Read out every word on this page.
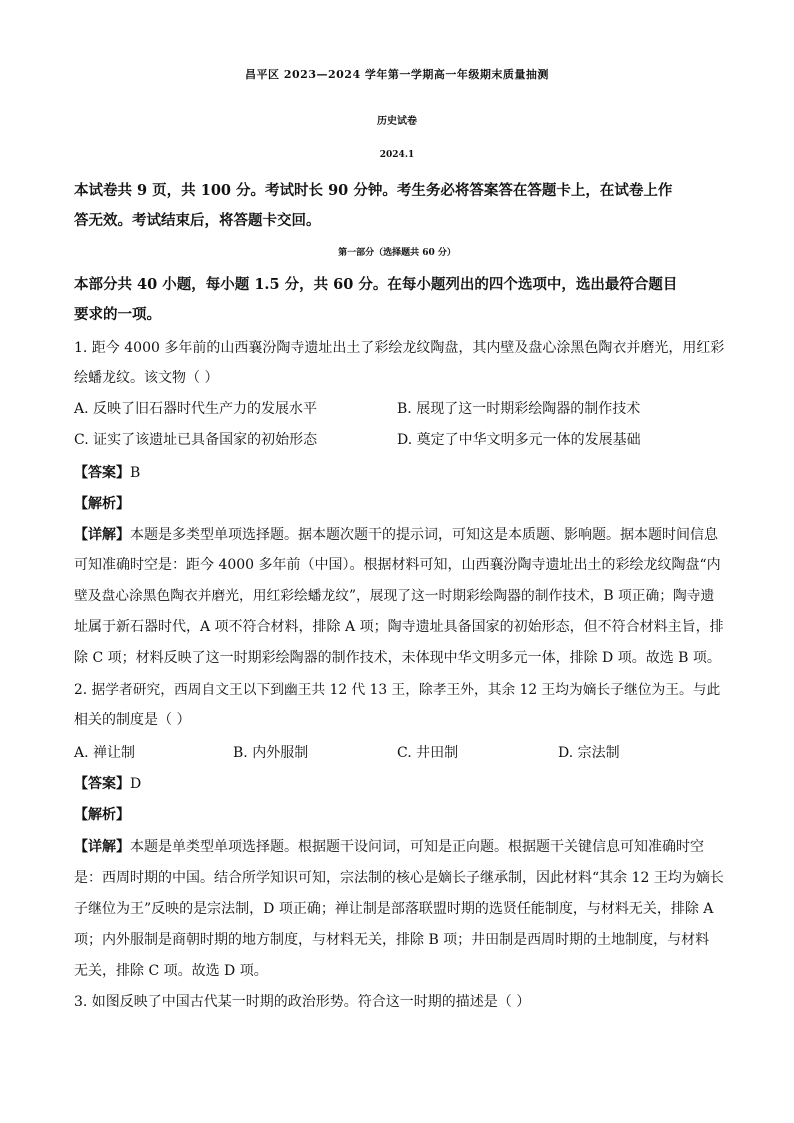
昌平区 2023—2024 学年第一学期高一年级期末质量抽测
历史试卷
2024.1
本试卷共 9 页，共 100 分。考试时长 90 分钟。考生务必将答案答在答题卡上，在试卷上作
答无效。考试结束后，将答题卡交回。
第一部分（选择题共 60 分）
本部分共 40 小题，每小题 1.5 分，共 60 分。在每小题列出的四个选项中，选出最符合题目
要求的一项。
1. 距今 4000 多年前的山西襄汾陶寺遗址出土了彩绘龙纹陶盘，其内壁及盘心涂黑色陶衣并磨光，用红彩
绘蟠龙纹。该文物（ ）
A. 反映了旧石器时代生产力的发展水平	B. 展现了这一时期彩绘陶器的制作技术
C. 证实了该遗址已具备国家的初始形态	D. 奠定了中华文明多元一体的发展基础
【答案】B
【解析】
【详解】本题是多类型单项选择题。据本题次题干的提示词，可知这是本质题、影响题。据本题时间信息
可知准确时空是：距今 4000 多年前（中国）。根据材料可知，山西襄汾陶寺遗址出土的彩绘龙纹陶盘“内
壁及盘心涂黑色陶衣并磨光，用红彩绘蟠龙纹”，展现了这一时期彩绘陶器的制作技术，B 项正确；陶寺遗
址属于新石器时代，A 项不符合材料，排除 A 项；陶寺遗址具备国家的初始形态，但不符合材料主旨，排
除 C 项；材料反映了这一时期彩绘陶器的制作技术，未体现中华文明多元一体，排除 D 项。故选 B 项。
2. 据学者研究，西周自文王以下到幽王共 12 代 13 王，除孝王外，其余 12 王均为嫡长子继位为王。与此
相关的制度是（ ）
A. 禅让制	B. 内外服制	C. 井田制	D. 宗法制
【答案】D
【解析】
【详解】本题是单类型单项选择题。根据题干设问词，可知是正向题。根据题干关键信息可知准确时空
是：西周时期的中国。结合所学知识可知，宗法制的核心是嫡长子继承制，因此材料“其余 12 王均为嫡长
子继位为王”反映的是宗法制，D 项正确；禅让制是部落联盟时期的选贤任能制度，与材料无关，排除 A
项；内外服制是商朝时期的地方制度，与材料无关，排除 B 项；井田制是西周时期的土地制度，与材料
无关，排除 C 项。故选 D 项。
3. 如图反映了中国古代某一时期的政治形势。符合这一时期的描述是（ ）
